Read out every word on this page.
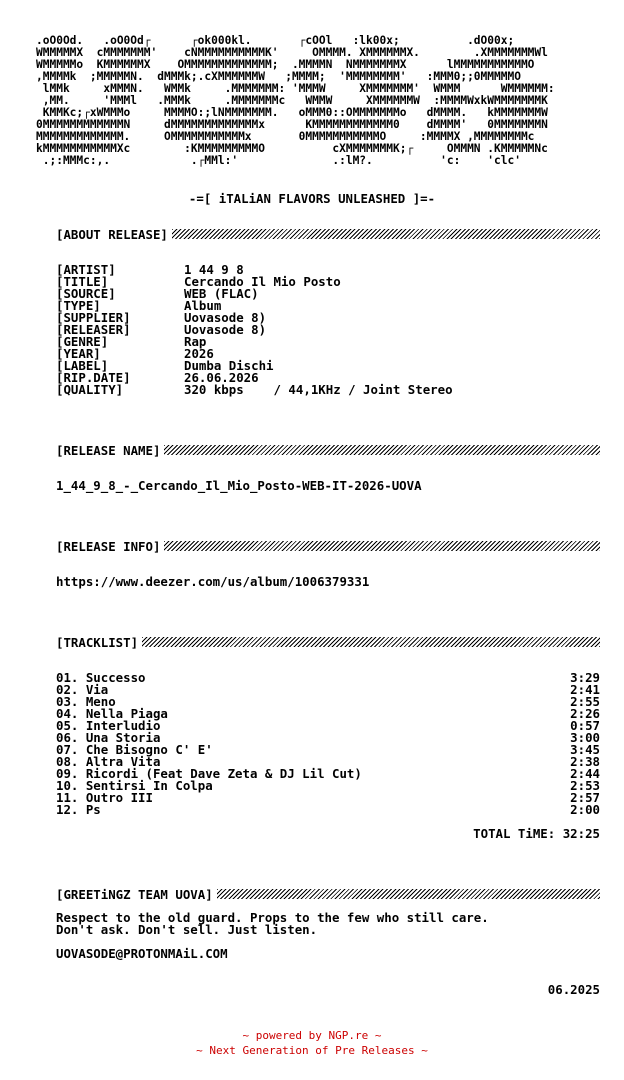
.oO0Od.   .oO0Od┌      ┌ok000kl.       ┌cOOl   :lk00x;          .dO00x;
WMMMMMX  cMMMMMMM'    cNMMMMMMMMMMK'     OMMMM. XMMMMMMX.        .XMMMMMMMWl
WMMMMMo  KMMMMMMX    OMMMMMMMMMMMMM;  .MMMMN  NMMMMMMMX      lMMMMMMMMMMMO
,MMMMk  ;MMMMMN.  dMMMk;.cXMMMMMMW   ;MMMM;  'MMMMMMMM'   :MMM0;;0MMMMMO
lMMk     xMMMN.   WMMk     .MMMMMMM: 'MMMW     XMMMMMMM'  WMMM      WMMMMMM:
,MM.     'MMMl   .MMMk     .MMMMMMMc   WMMW     XMMMMMMW  :MMMMWxkWMMMMMMMK
KMMKc;┌xWMMMo     MMMMO:;lNMMMMMMM.   oMMM0::OMMMMMMMo   dMMMM.   kMMMMMMMW
0MMMMMMMMMMMMN     dMMMMMMMMMMMMMx      KMMMMMMMMMMMM0    dMMMM'   0MMMMMMMN
MMMMMMMMMMMMM.     OMMMMMMMMMMMx       0MMMMMMMMMMMO     :MMMMX ,MMMMMMMMc
kMMMMMMMMMMMXc        :KMMMMMMMMMO          cXMMMMMMMK;┌     OMMMN .KMMMMMNc
.;:MMMc:,.            .┌MMl:'              .:lM?.          'c:    'clc'
-=[ iTALiAN FLAVORS UNLEASHED ]=-
[ABOUT RELEASE]
[ARTIST]	1 44 9 8
[TITLE]	Cercando Il Mio Posto
[SOURCE]	WEB (FLAC)
[TYPE]	Album
[SUPPLIER]	Uovasode 8)
[RELEASER]	Uovasode 8)
[GENRE]	Rap
[YEAR]	2026
[LABEL]	Dumba Dischi
[RIP.DATE]	26.06.2026
[QUALITY]	320 kbps    / 44,1KHz / Joint Stereo
[RELEASE NAME]
1_44_9_8_-_Cercando_Il_Mio_Posto-WEB-IT-2026-UOVA
[RELEASE INFO]
https://www.deezer.com/us/album/1006379331
[TRACKLIST]
01. Successo	3:29
02. Via	2:41
03. Meno	2:55
04. Nella Piaga	2:26
05. Interludio	0:57
06. Una Storia	3:00
07. Che Bisogno C' E'	3:45
08. Altra Vita	2:38
09. Ricordi (Feat Dave Zeta & DJ Lil Cut)	2:44
10. Sentirsi In Colpa	2:53
11. Outro III	2:57
12. Ps	2:00
TOTAL TiME: 32:25
[GREETiNGZ TEAM UOVA]
Respect to the old guard. Props to the few who still care.
Don't ask. Don't sell. Just listen.
UOVASODE@PROTONMAiL.COM
06.2025
~ powered by NGP.re ~
~ Next Generation of Pre Releases ~
